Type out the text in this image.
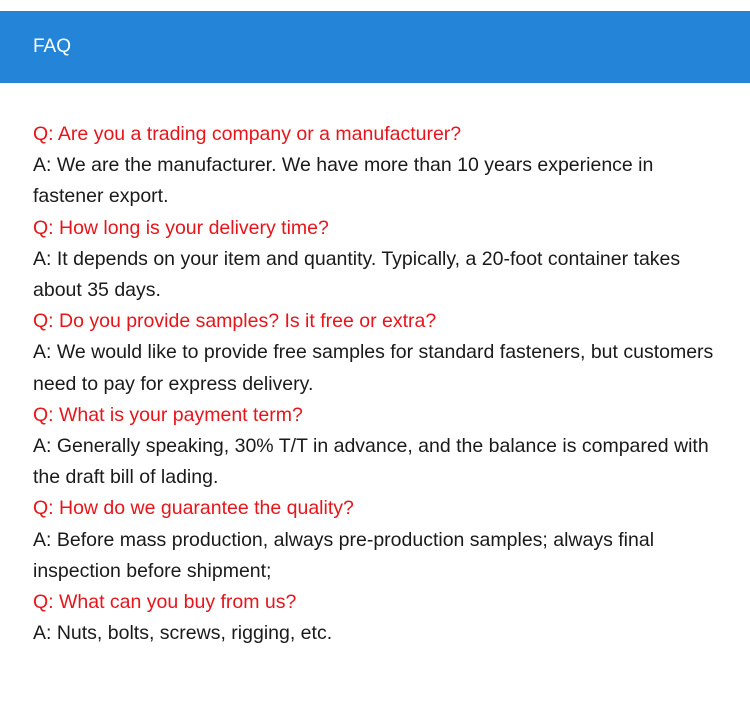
FAQ

Q: Are you a trading company or a manufacturer?

A: We are the manufacturer. We have more than 10 years experience in fastener export.

Q: How long is your delivery time?

A: It depends on your item and quantity. Typically, a 20-foot container takes about 35 days.

Q: Do you provide samples? Is it free or extra?

A: We would like to provide free samples for standard fasteners, but customers need to pay for express delivery.

Q: What is your payment term?

A: Generally speaking, 30% T/T in advance, and the balance is compared with the draft bill of lading.

Q: How do we guarantee the quality?

A: Before mass production, always pre-production samples; always final inspection before shipment;

Q: What can you buy from us?

A: Nuts, bolts, screws, rigging, etc.
